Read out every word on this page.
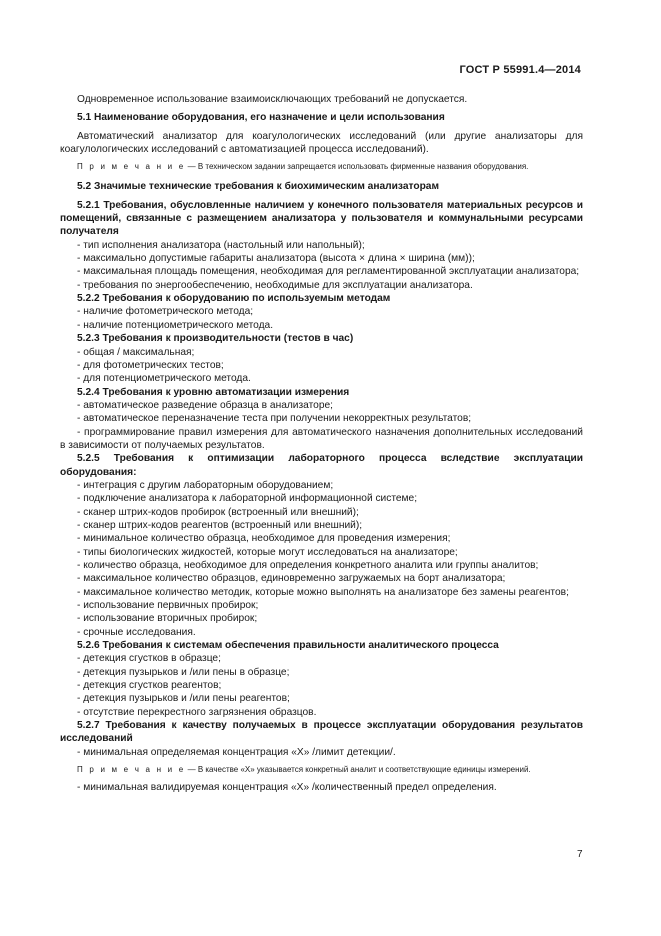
ГОСТ Р 55991.4—2014

Одновременное использование взаимоисключающих требований не допускается.

5.1 Наименование оборудования, его назначение и цели использования

Автоматический анализатор для коагулологических исследований (или другие анализаторы для коагулологических исследований с автоматизацией процесса исследований).

П р и м е ч а н и е — В техническом задании запрещается использовать фирменные названия оборудования.

5.2 Значимые технические требования к биохимическим анализаторам

5.2.1 Требования, обусловленные наличием у конечного пользователя материальных ресурсов и помещений, связанные с размещением анализатора у пользователя и коммунальными ресурсами получателя

- тип исполнения анализатора (настольный или напольный);

- максимально допустимые габариты анализатора (высота × длина × ширина (мм));

- максимальная площадь помещения, необходимая для регламентированной эксплуатации анализатора;

- требования по энергообеспечению, необходимые для эксплуатации анализатора.

5.2.2 Требования к оборудованию по используемым методам

- наличие фотометрического метода;

- наличие потенциометрического метода.

5.2.3 Требования к производительности (тестов в час)

- общая / максимальная;

- для фотометрических тестов;

- для потенциометрического метода.

5.2.4 Требования к уровню автоматизации измерения

- автоматическое разведение образца в анализаторе;

- автоматическое переназначение теста при получении некорректных результатов;

- программирование правил измерения для автоматического назначения дополнительных исследований в зависимости от получаемых результатов.

5.2.5 Требования к оптимизации лабораторного процесса вследствие эксплуатации оборудования:

- интеграция с другим лабораторным оборудованием;

- подключение анализатора к лабораторной информационной системе;

- сканер штрих-кодов пробирок (встроенный или внешний);

- сканер штрих-кодов реагентов (встроенный или внешний);

- минимальное количество образца, необходимое для проведения измерения;

- типы биологических жидкостей, которые могут исследоваться на анализаторе;

- количество образца, необходимое для определения конкретного аналита или группы аналитов;

- максимальное количество образцов, единовременно загружаемых на борт анализатора;

- максимальное количество методик, которые можно выполнять на анализаторе без замены реагентов;

- использование первичных пробирок;

- использование вторичных пробирок;

- срочные исследования.

5.2.6 Требования к системам обеспечения правильности аналитического процесса

- детекция сгустков в образце;

- детекция пузырьков и /или пены в образце;

- детекция сгустков реагентов;

- детекция пузырьков и /или пены реагентов;

- отсутствие перекрестного загрязнения образцов.

5.2.7 Требования к качеству получаемых в процессе эксплуатации оборудования результатов исследований

- минимальная определяемая концентрация «Х» /лимит детекции/.

П р и м е ч а н и е — В качестве «Х» указывается конкретный аналит и соответствующие единицы измерений.

- минимальная валидируемая концентрация «Х» /количественный предел определения.

7
